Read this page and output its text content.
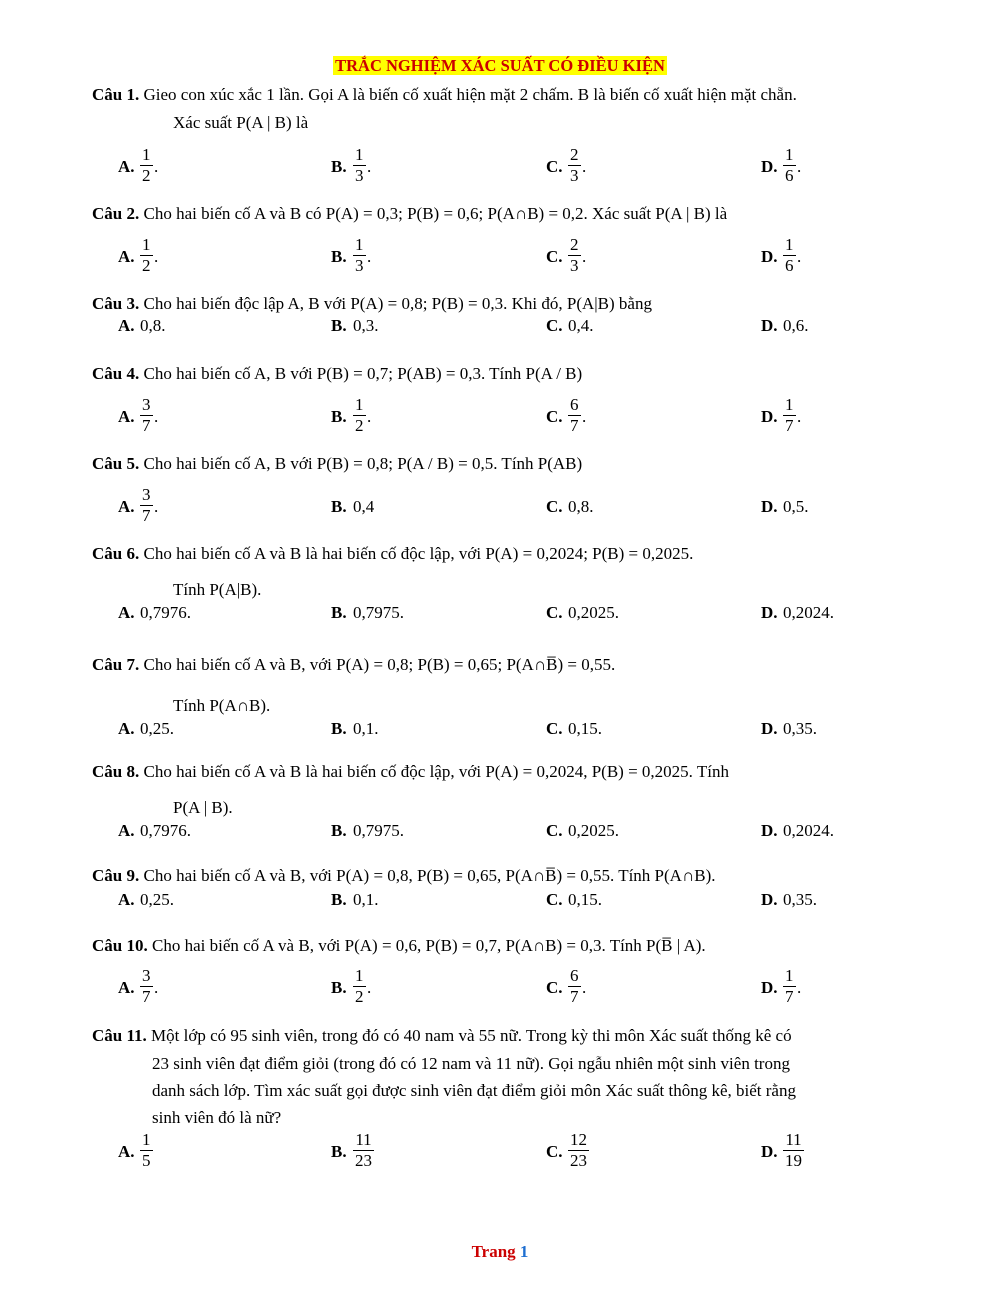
TRẮC NGHIỆM XÁC SUẤT CÓ ĐIỀU KIỆN
Câu 1. Gieo con xúc xắc 1 lần. Gọi A là biến cố xuất hiện mặt 2 chấm. B là biến cố xuất hiện mặt chẵn.
Xác suất P(A | B) là
Câu 2. Cho hai biến cố A và B có P(A) = 0,3; P(B) = 0,6; P(A∩B) = 0,2. Xác suất P(A | B) là
Câu 3. Cho hai biến độc lập A, B với P(A) = 0,8; P(B) = 0,3. Khi đó, P(A|B) bằng
Câu 4. Cho hai biến cố A, B với P(B) = 0,7; P(AB) = 0,3. Tính P(A / B)
Câu 5. Cho hai biến cố A, B với P(B) = 0,8; P(A / B) = 0,5. Tính P(AB)
Câu 6. Cho hai biến cố A và B là hai biến cố độc lập, với P(A) = 0,2024; P(B) = 0,2025.
Tính P(A|B).
Câu 7. Cho hai biến cố A và B, với P(A) = 0,8; P(B) = 0,65; P(A∩B̅) = 0,55.
Tính P(A∩B).
Câu 8. Cho hai biến cố A và B là hai biến cố độc lập, với P(A) = 0,2024, P(B) = 0,2025. Tính
P(A | B).
Câu 9. Cho hai biến cố A và B, với P(A) = 0,8, P(B) = 0,65, P(A∩B̅) = 0,55. Tính P(A∩B).
Câu 10. Cho hai biến cố A và B, với P(A) = 0,6, P(B) = 0,7, P(A∩B) = 0,3. Tính P(B̅ | A).
Câu 11. Một lớp có 95 sinh viên, trong đó có 40 nam và 55 nữ. Trong kỳ thi môn Xác suất thống kê có
23 sinh viên đạt điểm giỏi (trong đó có 12 nam và 11 nữ). Gọi ngẫu nhiên một sinh viên trong
danh sách lớp. Tìm xác suất gọi được sinh viên đạt điểm giỏi môn Xác suất thông kê, biết rằng
sinh viên đó là nữ?
Trang 1
A. $\frac{1}{2}$ .	B. $\frac{1}{3}$ .	C. $\frac{2}{3}$ .	D. $\frac{1}{6}$ .
A. $\frac{1}{2}$ .	B. $\frac{1}{3}$ .	C. $\frac{2}{3}$ .	D. $\frac{1}{6}$ .
A. 0,8.	B. 0,3.	C. 0,4.	D. 0,6.
A. $\frac{3}{7}$ .	B. $\frac{1}{2}$ .	C. $\frac{6}{7}$ .	D. $\frac{1}{7}$ .
A. $\frac{3}{7}$ .	B. 0,4	C. 0,8.	D. 0,5.
A. 0,7976.	B. 0,7975.	C. 0,2025.	D. 0,2024.
A. 0,25.	B. 0,1.	C. 0,15.	D. 0,35.
A. 0,7976.	B. 0,7975.	C. 0,2025.	D. 0,2024.
A. 0,25.	B. 0,1.	C. 0,15.	D. 0,35.
A. $\frac{3}{7}$ .	B. $\frac{1}{2}$ .	C. $\frac{6}{7}$ .	D. $\frac{1}{7}$ .
A. $\frac{1}{5}$	B. $\frac{11}{23}$	C. $\frac{12}{23}$	D. $\frac{11}{19}$
